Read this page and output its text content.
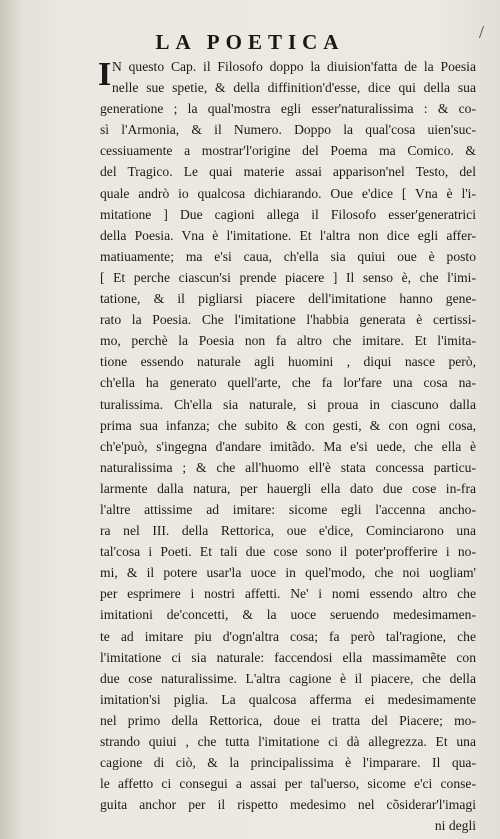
/
LA POETICA
I N questo Cap. il Filosofo doppo la diuision'fatta de la Poesia
nelle sue spetie, & della diffinition'd'esse, dice qui della sua
generatione ; la qual'mostra egli esser'naturalissima : & co-
sì l'Armonia, & il Numero. Doppo la qual'cosa uien'suc-
cessiuamente a mostrar'l'origine del Poema ma Comico. &
del Tragico. Le quai materie assai apparison'nel Testo, del
quale andrò io qualcosa dichiarando. Oue e'dice [ Vna è l'i-
mitatione ] Due cagioni allega il Filosofo esser'generatrici
della Poesia. Vna è l'imitatione. Et l'altra non dice egli affer-
matiuamente; ma e'si caua, ch'ella sia quiui oue è posto
[ Et perche ciascun'si prende piacere ] Il senso è, che l'imi-
tatione, & il pigliarsi piacere dell'imitatione hanno gene-
rato la Poesia. Che l'imitatione l'habbia generata è certissi-
mo, perchè la Poesia non fa altro che imitare. Et l'imita-
tione essendo naturale agli huomini , diqui nasce però,
ch'ella ha generato quell'arte, che fa lor'fare una cosa na-
turalissima. Ch'ella sia naturale, si proua in ciascuno dalla
prima sua infanza; che subito & con gesti, & con ogni cosa,
ch'e'può, s'ingegna d'andare imitãdo. Ma e'si uede, che ella è
naturalissima ; & che all'huomo ell'è stata concessa particu-
larmente dalla natura, per hauergli ella dato due cose in-fra
l'altre attissime ad imitare: sicome egli l'accenna ancho-
ra nel III. della Rettorica, oue e'dice, Cominciarono una
tal'cosa i Poeti. Et tali due cose sono il poter'profferire i no-
mi, & il potere usar'la uoce in quel'modo, che noi uogliam'
per esprimere i nostri affetti. Ne' i nomi essendo altro che
imitationi de'concetti, & la uoce seruendo medesimamen-
te ad imitare piu d'ogn'altra cosa; fa però tal'ragione, che
l'imitatione ci sia naturale: faccendosi ella massimamẽte con
due cose naturalissime. L'altra cagione è il piacere, che della
imitation'si piglia. La qualcosa afferma ei medesimamente
nel primo della Rettorica, doue ei tratta del Piacere; mo-
strando quiui , che tutta l'imitatione ci dà allegrezza. Et una
cagione di ciò, & la principalissima è l'imparare. Il qua-
le affetto ci consegui a assai per tal'uerso, sicome e'ci conse-
guita anchor per il rispetto medesimo nel cõsiderar'l'imagi
ni degli
